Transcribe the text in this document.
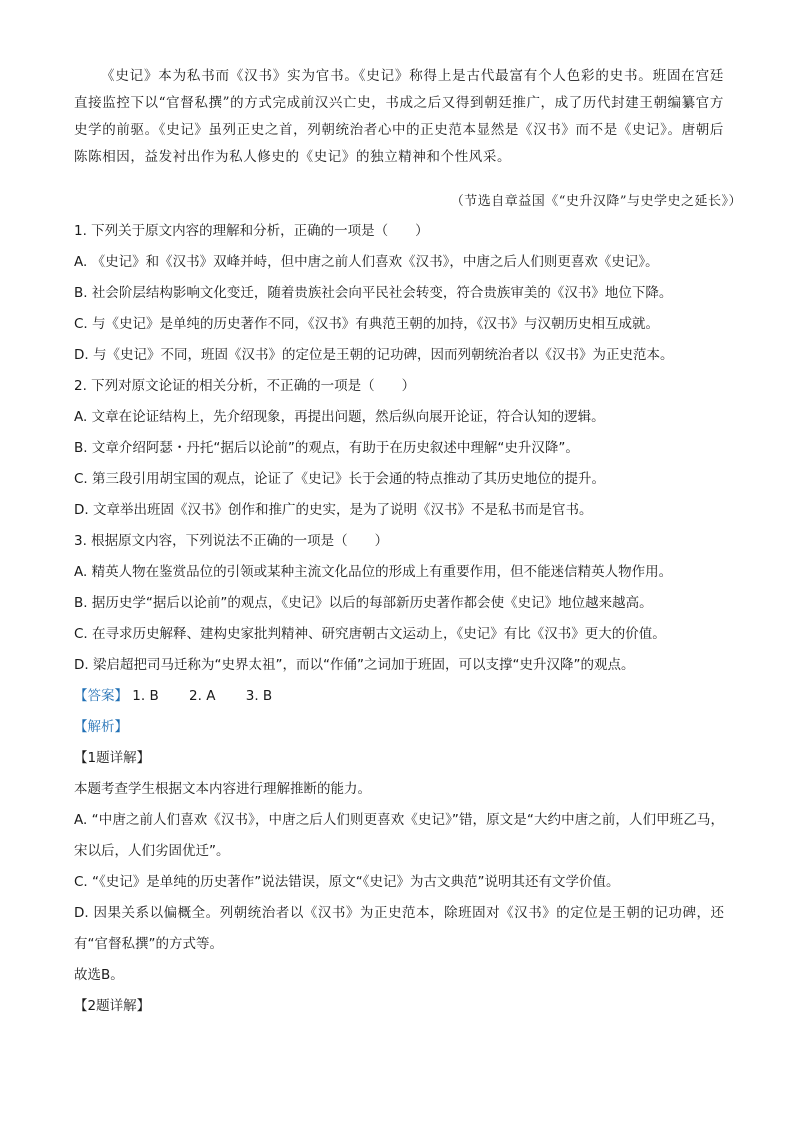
《史记》本为私书而《汉书》实为官书。《史记》称得上是古代最富有个人色彩的史书。班固在宫廷直接监控下以“官督私撰”的方式完成前汉兴亡史，书成之后又得到朝廷推广，成了历代封建王朝编纂官方史学的前驱。《史记》虽列正史之首，列朝统治者心中的正史范本显然是《汉书》而不是《史记》。唐朝后陈陈相因，益发衬出作为私人修史的《史记》的独立精神和个性风采。
（节选自章益国《“史升汉降”与史学史之延长》）
1. 下列关于原文内容的理解和分析，正确的一项是（　　）
A. 《史记》和《汉书》双峰并峙，但中唐之前人们喜欢《汉书》，中唐之后人们则更喜欢《史记》。
B. 社会阶层结构影响文化变迁，随着贵族社会向平民社会转变，符合贵族审美的《汉书》地位下降。
C. 与《史记》是单纯的历史著作不同，《汉书》有典范王朝的加持，《汉书》与汉朝历史相互成就。
D. 与《史记》不同，班固《汉书》的定位是王朝的记功碑，因而列朝统治者以《汉书》为正史范本。
2. 下列对原文论证的相关分析，不正确的一项是（　　）
A. 文章在论证结构上，先介绍现象，再提出问题，然后纵向展开论证，符合认知的逻辑。
B. 文章介绍阿瑟・丹托“据后以论前”的观点，有助于在历史叙述中理解“史升汉降”。
C. 第三段引用胡宝国的观点，论证了《史记》长于会通的特点推动了其历史地位的提升。
D. 文章举出班固《汉书》创作和推广的史实，是为了说明《汉书》不是私书而是官书。
3. 根据原文内容，下列说法不正确的一项是（　　）
A. 精英人物在鉴赏品位的引领或某种主流文化品位的形成上有重要作用，但不能迷信精英人物作用。
B. 据历史学“据后以论前”的观点，《史记》以后的每部新历史著作都会使《史记》地位越来越高。
C. 在寻求历史解释、建构史家批判精神、研究唐朝古文运动上，《史记》有比《汉书》更大的价值。
D. 梁启超把司马迁称为“史界太祖”，而以“作俑”之词加于班固，可以支撑“史升汉降”的观点。
【答案】 1. B 2. A 3. B
【解析】
【1题详解】
本题考查学生根据文本内容进行理解推断的能力。
A. “中唐之前人们喜欢《汉书》，中唐之后人们则更喜欢《史记》”错，原文是“大约中唐之前，人们甲班乙马，宋以后，人们劣固优迁”。
C. “《史记》是单纯的历史著作”说法错误，原文“《史记》为古文典范”说明其还有文学价值。
D. 因果关系以偏概全。列朝统治者以《汉书》为正史范本，除班固对《汉书》的定位是王朝的记功碑，还有“官督私撰”的方式等。
故选B。
【2题详解】
